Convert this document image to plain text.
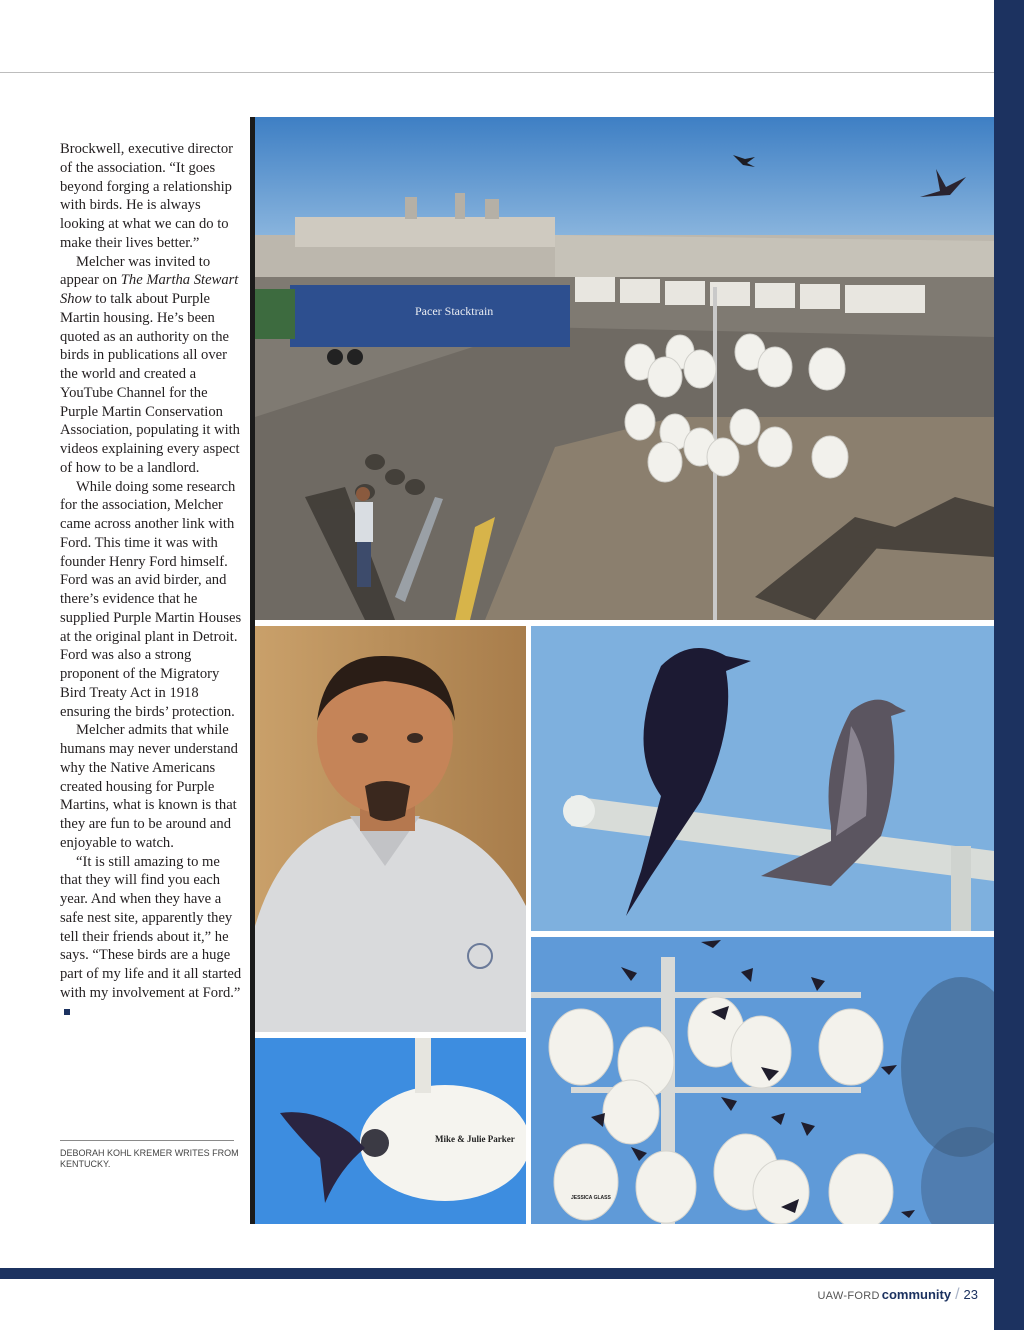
Brockwell, executive director of the association. “It goes beyond forging a relationship with birds. He is always looking at what we can do to make their lives better.”

Melcher was invited to appear on The Martha Stewart Show to talk about Purple Martin housing. He’s been quoted as an authority on the birds in publications all over the world and created a YouTube Channel for the Purple Martin Conservation Association, populating it with videos explaining every aspect of how to be a landlord.

While doing some research for the association, Melcher came across another link with Ford. This time it was with founder Henry Ford himself. Ford was an avid birder, and there’s evidence that he supplied Purple Martin Houses at the original plant in Detroit. Ford was also a strong proponent of the Migratory Bird Treaty Act in 1918 ensuring the birds’ protection.

Melcher admits that while humans may never understand why the Native Americans created housing for Purple Martins, what is known is that they are fun to be around and enjoyable to watch.

“It is still amazing to me that they will find you each year. And when they have a safe nest site, apparently they tell their friends about it,” he says. “These birds are a huge part of my life and it all started with my involvement at Ford.”

DEBORAH KOHL KREMER WRITES FROM KENTUCKY.
Pacer Stacktrain
Mike & Julie Parker
JESSICA GLASS
UAW-FORD community / 23
